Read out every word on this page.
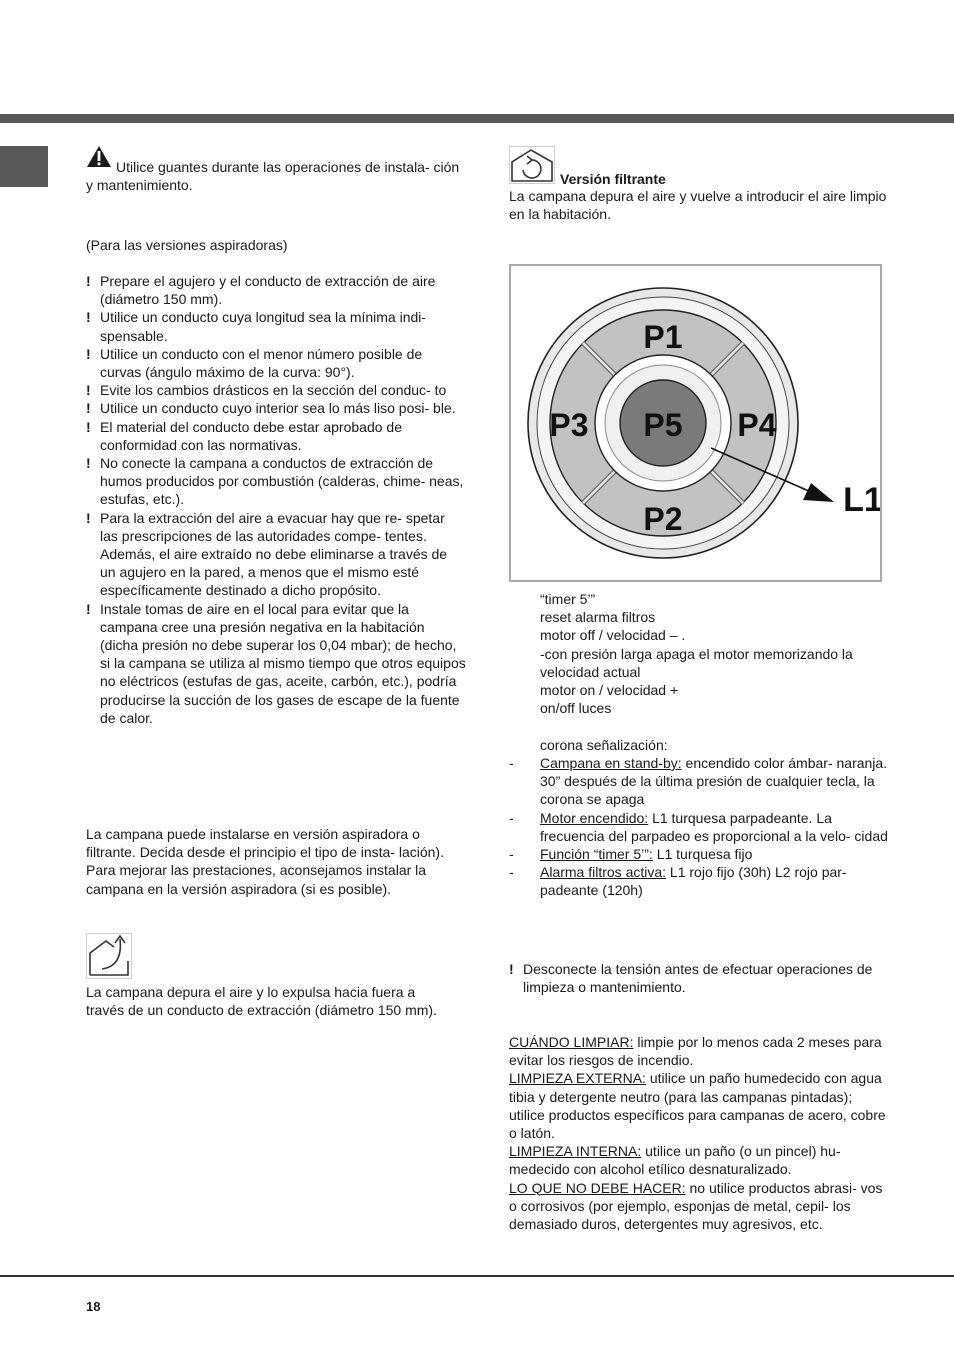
Utilice guantes durante las operaciones de instala- ción y mantenimiento.

(Para las versiones aspiradoras)

! Prepare el agujero y el conducto de extracción de aire (diámetro 150 mm).
! Utilice un conducto cuya longitud sea la mínima indi- spensable.
! Utilice un conducto con el menor número posible de curvas (ángulo máximo de la curva: 90°).
! Evite los cambios drásticos en la sección del conduc- to
! Utilice un conducto cuyo interior sea lo más liso posi- ble.
! El material del conducto debe estar aprobado de conformidad con las normativas.
! No conecte la campana a conductos de extracción de humos producidos por combustión (calderas, chime- neas, estufas, etc.).
! Para la extracción del aire a evacuar hay que re- spetar las prescripciones de las autoridades compe- tentes. Además, el aire extraído no debe eliminarse a través de un agujero en la pared, a menos que el mismo esté específicamente destinado a dicho propósito.
! Instale tomas de aire en el local para evitar que la campana cree una presión negativa en la habitación (dicha presión no debe superar los 0,04 mbar); de hecho, si la campana se utiliza al mismo tiempo que otros equipos no eléctricos (estufas de gas, aceite, carbón, etc.), podría producirse la succión de los gases de escape de la fuente de calor.

La campana puede instalarse en versión aspiradora o filtrante. Decida desde el principio el tipo de insta- lación). Para mejorar las prestaciones, aconsejamos instalar la campana en la versión aspiradora (si es posible).

La campana depura el aire y lo expulsa hacia fuera a través de un conducto de extracción (diámetro 150 mm).

Versión filtrante

La campana depura el aire y vuelve a introducir el aire limpio en la habitación.

P1
P2
P3	P4
P5
L1

“timer 5’”

reset alarma filtros

motor off / velocidad – .

-con presión larga apaga el motor memorizando la velocidad actual

motor on / velocidad +

on/off luces

corona señalización:

- Campana en stand-by: encendido color ámbar- naranja. 30” después de la última presión de cualquier tecla, la corona se apaga
- Motor encendido: L1 turquesa parpadeante. La frecuencia del parpadeo es proporcional a la velo- cidad
- Función “timer 5’”: L1 turquesa fijo
- Alarma filtros activa: L1 rojo fijo (30h) L2 rojo par- padeante (120h)
! Desconecte la tensión antes de efectuar operaciones de limpieza o mantenimiento.

CUÁNDO LIMPIAR: limpie por lo menos cada 2 meses para evitar los riesgos de incendio.

LIMPIEZA EXTERNA: utilice un paño humedecido con agua tibia y detergente neutro (para las campanas pintadas); utilice productos específicos para campanas de acero, cobre o latón.

LIMPIEZA INTERNA: utilice un paño (o un pincel) hu- medecido con alcohol etílico desnaturalizado.

LO QUE NO DEBE HACER: no utilice productos abrasi- vos o corrosivos (por ejemplo, esponjas de metal, cepil- los demasiado duros, detergentes muy agresivos, etc.

18
